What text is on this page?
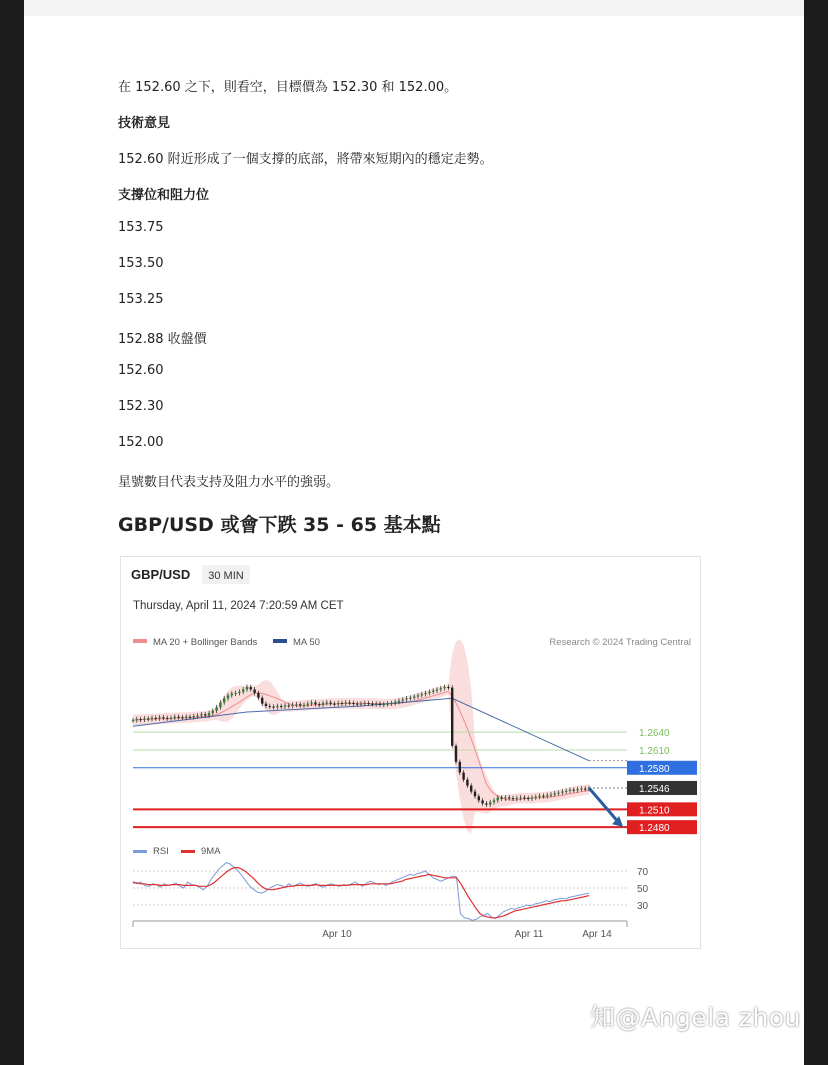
在 152.60 之下，則看空，目標價為 152.30 和 152.00。

技術意見

152.60 附近形成了一個支撐的底部，將帶來短期內的穩定走勢。

支撐位和阻力位

153.75

153.50

153.25

152.88 收盤價

152.60

152.30

152.00

星號數目代表支持及阻力水平的強弱。

GBP/USD 或會下跌 35 - 65 基本點
GBP/USD 30 MIN
Thursday, April 11, 2024 7:20:59 AM CET
MA 20 + Bollinger Bands	MA 50	Research © 2024 Trading Central
1.2640
1.2610
1.2580
1.2546
1.2510
1.2480
RSI	9MA
70
50
30
Apr 10	Apr 11	Apr 14
知@Angela zhou
